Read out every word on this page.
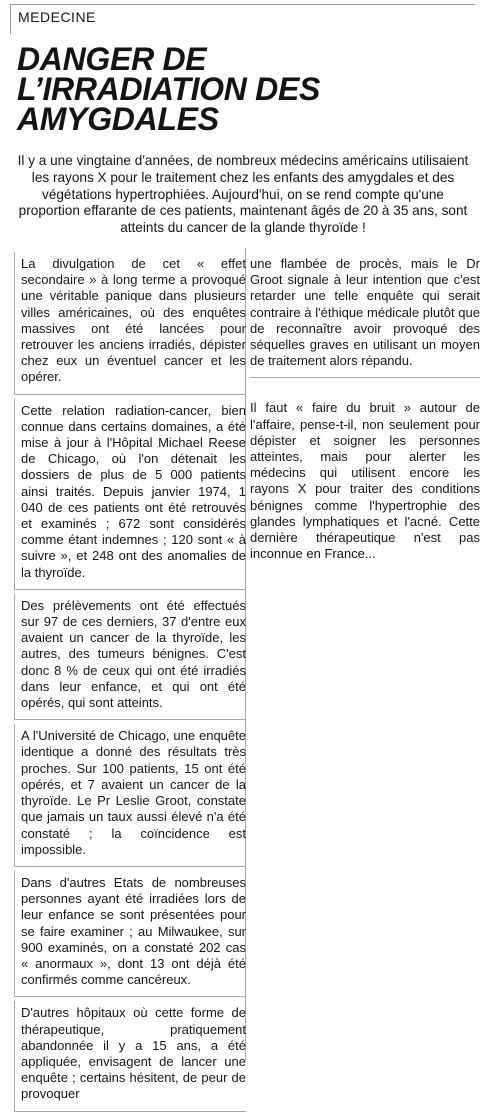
MEDECINE
DANGER DE
L’IRRADIATION DES
AMYGDALES

Il y a une vingtaine d'années, de nombreux médecins américains utilisaient les rayons X pour le traitement chez les enfants des amygdales et des végétations hypertrophiées. Aujourd'hui, on se rend compte qu'une proportion effarante de ces patients, maintenant âgés de 20 à 35 ans, sont atteints du cancer de la glande thyroïde !

La divulgation de cet « effet secondaire » à long terme a provoqué une véritable panique dans plusieurs villes américaines, où des enquêtes massives ont été lancées pour retrouver les anciens irradiés, dépister chez eux un éventuel cancer et les opérer.

Cette relation radiation-cancer, bien connue dans certains domaines, a été mise à jour à l'Hôpital Michael Reese de Chicago, où l'on détenait les dossiers de plus de 5 000 patients ainsi traités. Depuis janvier 1974, 1 040 de ces patients ont été retrouvés et examinés ; 672 sont considérés comme étant indemnes ; 120 sont « à suivre », et 248 ont des anomalies de la thyroïde.

Des prélèvements ont été effectués sur 97 de ces derniers, 37 d'entre eux avaient un cancer de la thyroïde, les autres, des tumeurs bénignes. C'est donc 8 % de ceux qui ont été irradiés dans leur enfance, et qui ont été opérés, qui sont atteints.

A l'Université de Chicago, une enquête identique a donné des résultats très proches. Sur 100 patients, 15 ont été opérés, et 7 avaient un cancer de la thyroïde. Le Pr Leslie Groot, constate que jamais un taux aussi élevé n'a été constaté ; la coïncidence est impossible.

Dans d'autres Etats de nombreuses personnes ayant été irradiées lors de leur enfance se sont présentées pour se faire examiner ; au Milwaukee, sur 900 examinés, on a constaté 202 cas « anormaux », dont 13 ont déjà été confirmés comme cancéreux.

D'autres hôpitaux où cette forme de thérapeutique, pratiquement abandonnée il y a 15 ans, a été appliquée, envisagent de lancer une enquête ; certains hésitent, de peur de provoquer

une flambée de procès, mais le Dr Groot signale à leur intention que c'est retarder une telle enquête qui serait contraire à l'éthique médicale plutôt que de reconnaître avoir provoqué des séquelles graves en utilisant un moyen de traitement alors répandu.

Il faut « faire du bruit » autour de l'affaire, pense-t-il, non seulement pour dépister et soigner les personnes atteintes, mais pour alerter les médecins qui utilisent encore les rayons X pour traiter des conditions bénignes comme l'hypertrophie des glandes lymphatiques et l'acné. Cette dernière thérapeutique n'est pas inconnue en France...
